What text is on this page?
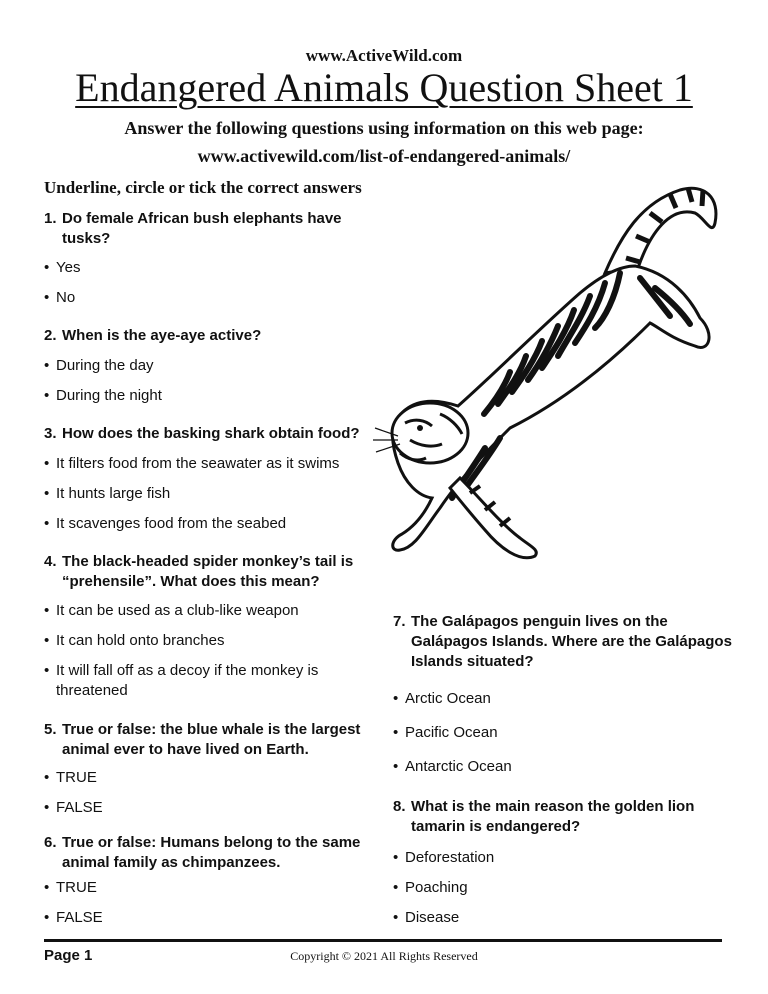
www.ActiveWild.com
Endangered Animals Question Sheet 1
Answer the following questions using information on this web page:
www.activewild.com/list-of-endangered-animals/
Underline, circle or tick the correct answers
1. Do female African bush elephants have tusks?
• Yes
• No
2. When is the aye-aye active?
• During the day
• During the night
3. How does the basking shark obtain food?
• It filters food from the seawater as it swims
• It hunts large fish
• It scavenges food from the seabed
4. The black-headed spider monkey’s tail is “prehensile”. What does this mean?
• It can be used as a club-like weapon
• It can hold onto branches
• It will fall off as a decoy if the monkey is threatened
5. True or false: the blue whale is the largest animal ever to have lived on Earth.
• TRUE
• FALSE
6. True or false: Humans belong to the same animal family as chimpanzees.
• TRUE
• FALSE
7. The Galápagos penguin lives on the Galápagos Islands. Where are the Galápagos Islands situated?
• Arctic Ocean
• Pacific Ocean
• Antarctic Ocean
8. What is the main reason the golden lion tamarin is endangered?
• Deforestation
• Poaching
• Disease
Page 1	Copyright © 2021 All Rights Reserved
